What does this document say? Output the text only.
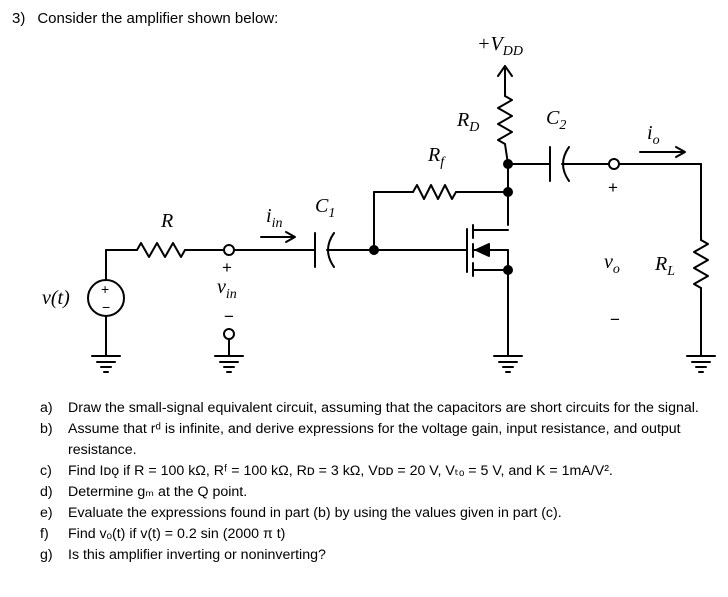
3) Consider the amplifier shown below:
$+V_{DD}$
$R_D$
$R_f$
$C_1$
$C_2$
R	$i_{in}$
$i_o$
+
$v_{in}$
−
v(t) +
−
+
$v_o$
−
$R_L$
a) Draw the small-signal equivalent circuit, assuming that the capacitors are short circuits for the signal.
b) Assume that rᵈ is infinite, and derive expressions for the voltage gain, input resistance, and output resistance.
c) Find Iᴅǫ if R = 100 kΩ, Rᶠ = 100 kΩ, Rᴅ = 3 kΩ, Vᴅᴅ = 20 V, Vₜₒ = 5 V, and K = 1mA/V².
d) Determine gₘ at the Q point.
e) Evaluate the expressions found in part (b) by using the values given in part (c).
f) Find vₒ(t) if v(t) = 0.2 sin (2000 π t)
g) Is this amplifier inverting or noninverting?
